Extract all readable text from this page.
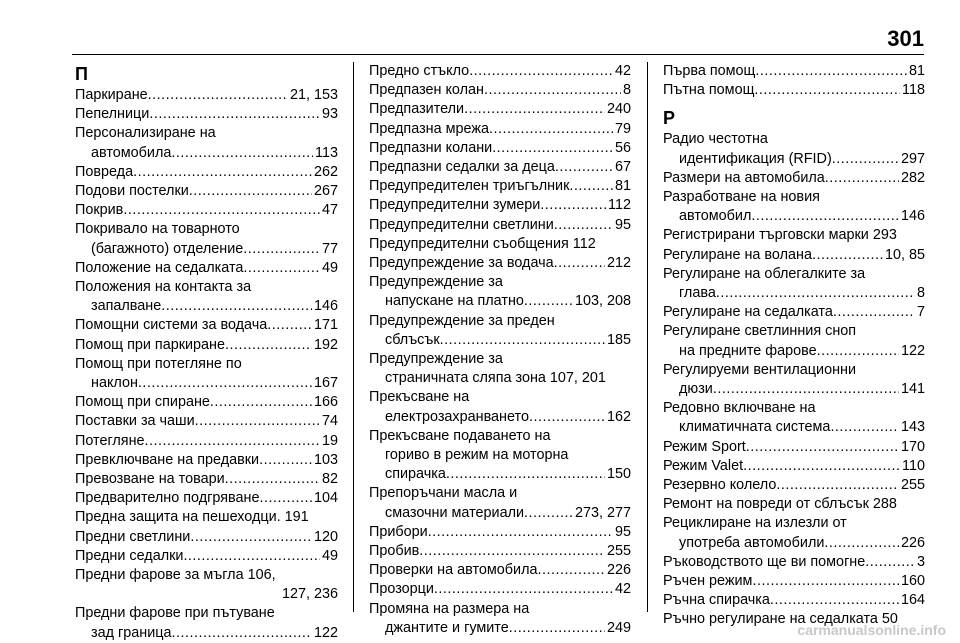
301
П
Паркиране .....	21, 153
Пепелници .....	93
Персонализиране на
автомобила .....	113
Повреда .....	262
Подови постелки .....	267
Покрив .....	47
Покривало на товарното
(багажното) отделение .....	77
Положение на седалката .....	49
Положения на контакта за
запалване .....	146
Помощни системи за водача .....	171
Помощ при паркиране .....	192
Помощ при потегляне по
наклон .....	167
Помощ при спиране .....	166
Поставки за чаши .....	74
Потегляне .....	19
Превключване на предавки .....	103
Превозване на товари .....	82
Предварително подгряване .....	104
Предна защита на пешеходци. 191
Предни светлини .....	120
Предни седалки .....	49
Предни фарове за мъгла 106,
127, 236
Предни фарове при пътуване
зад граница .....	122
Предно стъкло .....	42
Предпазен колан .....	8
Предпазители .....	240
Предпазна мрежа .....	79
Предпазни колани .....	56
Предпазни седалки за деца .....	67
Предупредителен триъгълник .....	81
Предупредителни зумери .....	112
Предупредителни светлини .....	95
Предупредителни съобщения 112
Предупреждение за водача .....	212
Предупреждение за
напускане на платно .....	103, 208
Предупреждение за преден
сблъсък .....	185
Предупреждение за
страничната сляпа зона 107, 201
Прекъсване на
електрозахранването .....	162
Прекъсване подаването на
гориво в режим на моторна
спирачка .....	150
Препоръчани масла и
смазочни материали .....	273, 277
Прибори .....	95
Пробив .....	255
Проверки на автомобила .....	226
Прозорци .....	42
Промяна на размера на
джантите и гумите .....	249
Първа помощ .....	81
Пътна помощ .....	118
Р
Радио честотна
идентификация (RFID) .....	297
Размери на автомобила .....	282
Разработване на новия
автомобил .....	146
Регистрирани търговски марки 293
Регулиране на волана .....	10, 85
Регулиране на облегалките за
глава .....	8
Регулиране на седалката .....	7
Регулиране светлинния сноп
на предните фарове .....	122
Регулируеми вентилационни
дюзи .....	141
Редовно включване на
климатичната система .....	143
Режим Sport .....	170
Режим Valet .....	110
Резервно колело .....	255
Ремонт на повреди от сблъсък 288
Рециклиране на излезли от
употреба автомобили .....	226
Ръководството ще ви помогне .....	3
Ръчен режим .....	160
Ръчна спирачка .....	164
Ръчно регулиране на седалката 50
carmanualsonline.info
